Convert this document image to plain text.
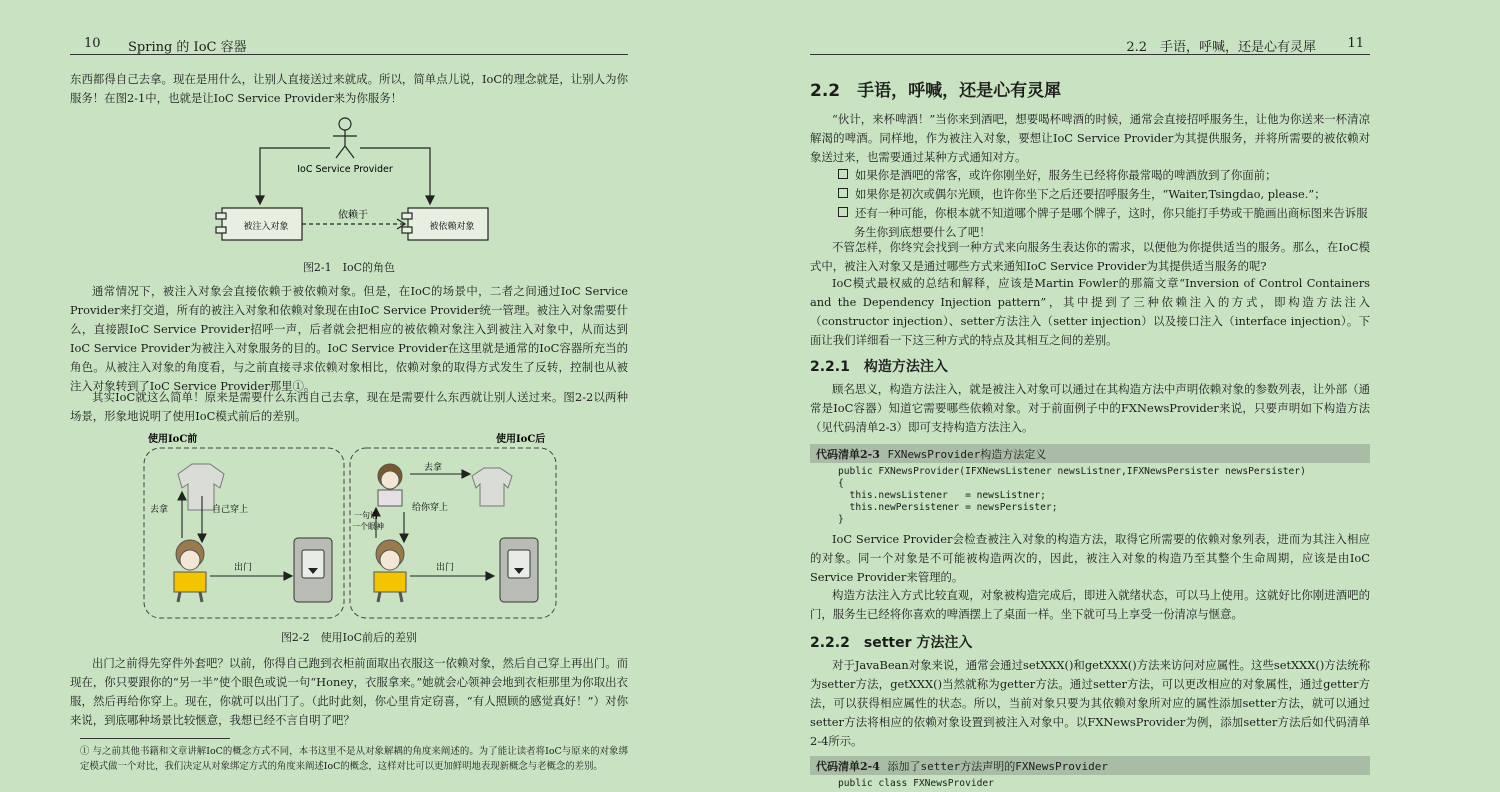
10 Spring 的 IoC 容器

东西都得自己去拿。现在是用什么，让别人直接送过来就成。所以，简单点儿说，IoC的理念就是，让别人为你服务！在图2-1中，也就是让IoC Service Provider来为你服务！

IoC Service Provider
被注入对象	被依赖对象
依赖于

图2-1　IoC的角色

通常情况下，被注入对象会直接依赖于被依赖对象。但是，在IoC的场景中，二者之间通过IoC Service Provider来打交道，所有的被注入对象和依赖对象现在由IoC Service Provider统一管理。被注入对象需要什么，直接跟IoC Service Provider招呼一声，后者就会把相应的被依赖对象注入到被注入对象中，从而达到IoC Service Provider为被注入对象服务的目的。IoC Service Provider在这里就是通常的IoC容器所充当的角色。从被注入对象的角度看，与之前直接寻求依赖对象相比，依赖对象的取得方式发生了反转，控制也从被注入对象转到了IoC Service Provider那里①。

其实IoC就这么简单！原来是需要什么东西自己去拿，现在是需要什么东西就让别人送过来。图2-2以两种场景，形象地说明了使用IoC模式前后的差别。

使用IoC前	使用IoC后
去拿	自己穿上
出门
去拿
给你穿上
一句话一个眼神
出门

图2-2　使用IoC前后的差别

出门之前得先穿件外套吧？以前，你得自己跑到衣柜前面取出衣服这一依赖对象，然后自己穿上再出门。而现在，你只要跟你的“另一半”使个眼色或说一句“Honey，衣服拿来。”她就会心领神会地到衣柜那里为你取出衣服，然后再给你穿上。现在，你就可以出门了。（此时此刻，你心里肯定窃喜，“有人照顾的感觉真好！”）对你来说，到底哪种场景比较惬意，我想已经不言自明了吧？

① 与之前其他书籍和文章讲解IoC的概念方式不同，本书这里不是从对象解耦的角度来阐述的。为了能让读者将IoC与原来的对象绑定模式做一个对比，我们决定从对象绑定方式的角度来阐述IoC的概念，这样对比可以更加鲜明地表现新概念与老概念的差别。

2.2　手语，呼喊，还是心有灵犀 11
2.2　手语，呼喊，还是心有灵犀

“伙计，来杯啤酒！”当你来到酒吧，想要喝杯啤酒的时候，通常会直接招呼服务生，让他为你送来一杯清凉解渴的啤酒。同样地，作为被注入对象，要想让IoC Service Provider为其提供服务，并将所需要的被依赖对象送过来，也需要通过某种方式通知对方。

如果你是酒吧的常客，或许你刚坐好，服务生已经将你最常喝的啤酒放到了你面前；
如果你是初次或偶尔光顾，也许你坐下之后还要招呼服务生，“Waiter,Tsingdao, please.”；
还有一种可能，你根本就不知道哪个牌子是哪个牌子，这时，你只能打手势或干脆画出商标图来告诉服务生你到底想要什么了吧！

不管怎样，你终究会找到一种方式来向服务生表达你的需求，以便他为你提供适当的服务。那么，在IoC模式中，被注入对象又是通过哪些方式来通知IoC Service Provider为其提供适当服务的呢?

IoC模式最权威的总结和解释，应该是Martin Fowler的那篇文章“Inversion of Control Containers and the Dependency Injection pattern”，其中提到了三种依赖注入的方式，即构造方法注入（constructor injection）、setter方法注入（setter injection）以及接口注入（interface injection）。下面让我们详细看一下这三种方式的特点及其相互之间的差别。

2.2.1　构造方法注入

顾名思义，构造方法注入，就是被注入对象可以通过在其构造方法中声明依赖对象的参数列表，让外部（通常是IoC容器）知道它需要哪些依赖对象。对于前面例子中的FXNewsProvider来说，只要声明如下构造方法（见代码清单2-3）即可支持构造方法注入。

代码清单2-3 FXNewsProvider构造方法定义
public FXNewsProvider(IFXNewsListener newsListner,IFXNewsPersister newsPersister)
{
this.newsListener   = newsListner;
this.newPersistener = newsPersister;
}

IoC Service Provider会检查被注入对象的构造方法，取得它所需要的依赖对象列表，进而为其注入相应的对象。同一个对象是不可能被构造两次的，因此，被注入对象的构造乃至其整个生命周期，应该是由IoC Service Provider来管理的。

构造方法注入方式比较直观，对象被构造完成后，即进入就绪状态，可以马上使用。这就好比你刚进酒吧的门，服务生已经将你喜欢的啤酒摆上了桌面一样。坐下就可马上享受一份清凉与惬意。

2.2.2　setter 方法注入

对于JavaBean对象来说，通常会通过setXXX()和getXXX()方法来访问对应属性。这些setXXX()方法统称为setter方法，getXXX()当然就称为getter方法。通过setter方法，可以更改相应的对象属性，通过getter方法，可以获得相应属性的状态。所以，当前对象只要为其依赖对象所对应的属性添加setter方法，就可以通过setter方法将相应的依赖对象设置到被注入对象中。以FXNewsProvider为例，添加setter方法后如代码清单2-4所示。

代码清单2-4 添加了setter方法声明的FXNewsProvider
public class FXNewsProvider
